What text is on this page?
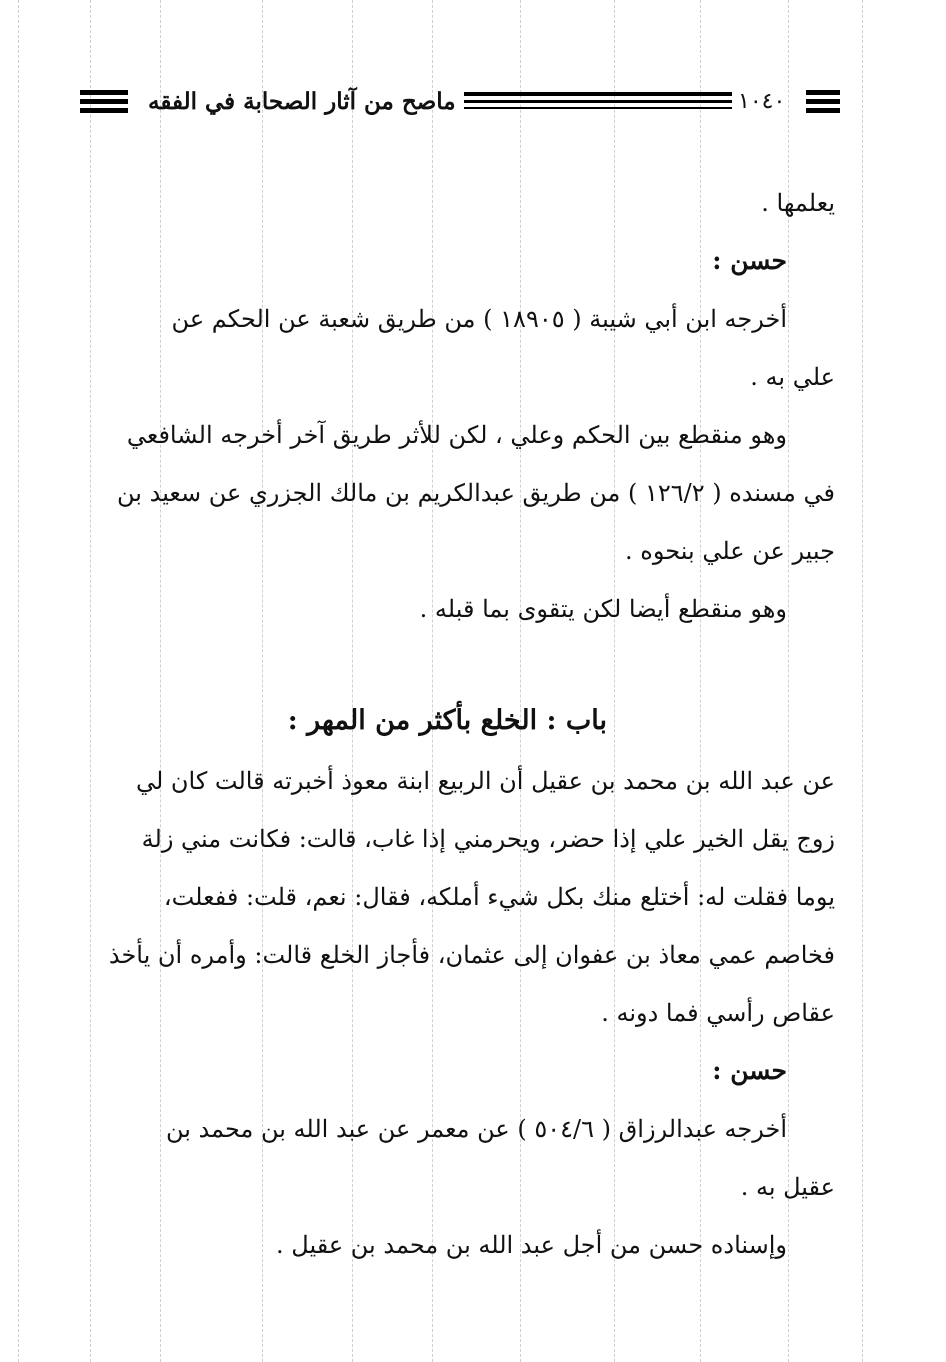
ماصح من آثار الصحابة في الفقه	١٠٤٠

يعلمها .

حسن :

أخرجه ابن أبي شيبة ( ١٨٩٠٥ ) من طريق شعبة عن الحكم عن

علي به .

وهو منقطع بين الحكم وعلي ، لكن للأثر طريق آخر أخرجه الشافعي

في مسنده ( ١٢٦/٢ ) من طريق عبدالكريم بن مالك الجزري عن سعيد بن

جبير عن علي بنحوه .

وهو منقطع أيضا لكن يتقوى بما قبله .

باب : الخلع بأكثر من المهر :

عن عبد الله بن محمد بن عقيل أن الربيع ابنة معوذ أخبرته قالت كان لي

زوج يقل الخير علي إذا حضر، ويحرمني إذا غاب، قالت: فكانت مني زلة

يوما فقلت له: أختلع منك بكل شيء أملكه، فقال: نعم، قلت: ففعلت،

فخاصم عمي معاذ بن عفوان إلى عثمان، فأجاز الخلع قالت: وأمره أن يأخذ

عقاص رأسي فما دونه .

حسن :

أخرجه عبدالرزاق ( ٥٠٤/٦ ) عن معمر عن عبد الله بن محمد بن

عقيل به .

وإسناده حسن من أجل عبد الله بن محمد بن عقيل .
